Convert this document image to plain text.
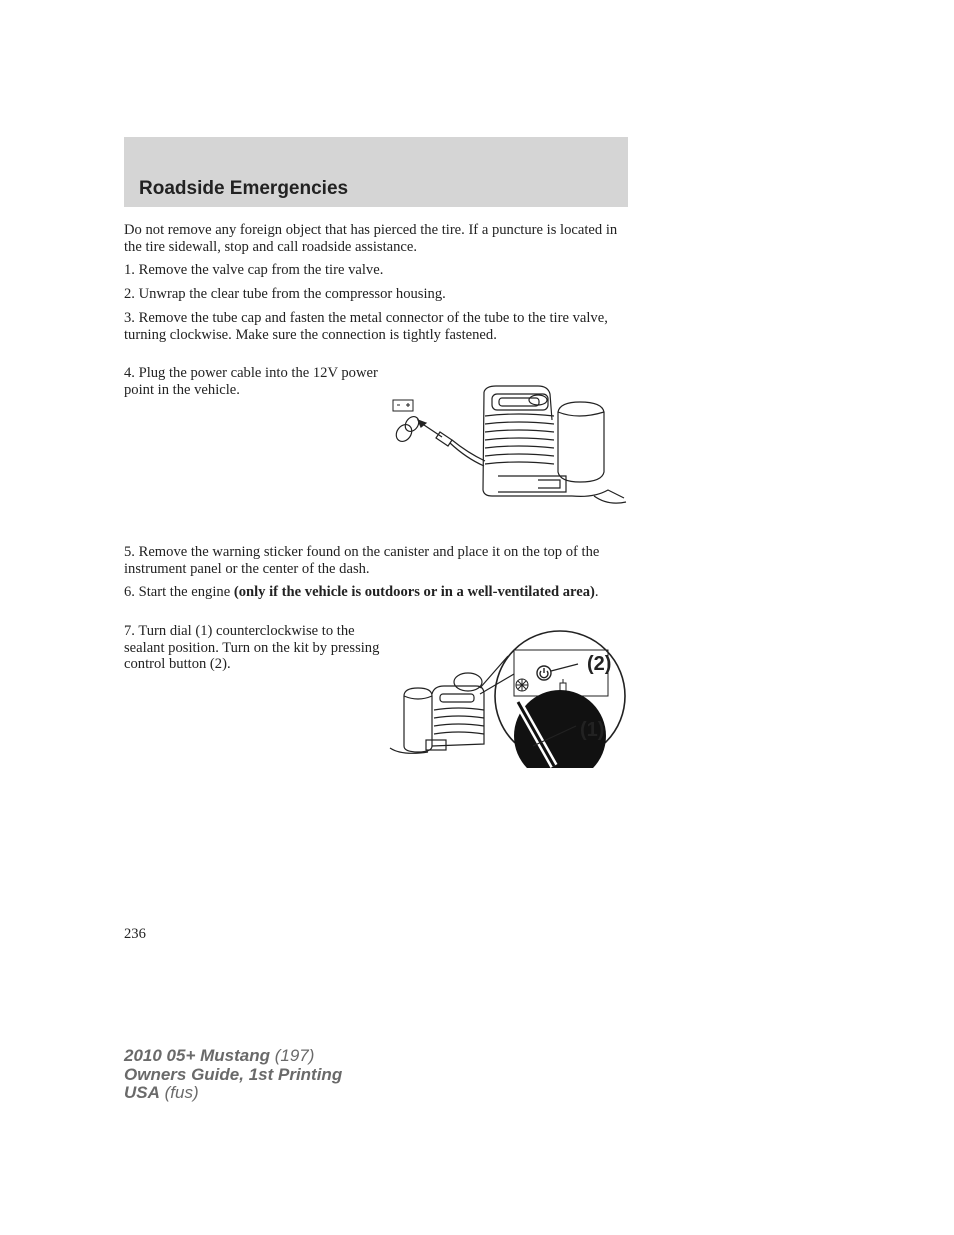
Roadside Emergencies

Do not remove any foreign object that has pierced the tire. If a puncture is located in the tire sidewall, stop and call roadside assistance.

1. Remove the valve cap from the tire valve.

2. Unwrap the clear tube from the compressor housing.

3. Remove the tube cap and fasten the metal connector of the tube to the tire valve, turning clockwise. Make sure the connection is tightly fastened.

4. Plug the power cable into the 12V power point in the vehicle.

5. Remove the warning sticker found on the canister and place it on the top of the instrument panel or the center of the dash.

6. Start the engine (only if the vehicle is outdoors or in a well-ventilated area).

7. Turn dial (1) counterclockwise to the sealant position. Turn on the kit by pressing control button (2).	(2)
(1)

236

2010 05+ Mustang (197)
Owners Guide, 1st Printing
USA (fus)
